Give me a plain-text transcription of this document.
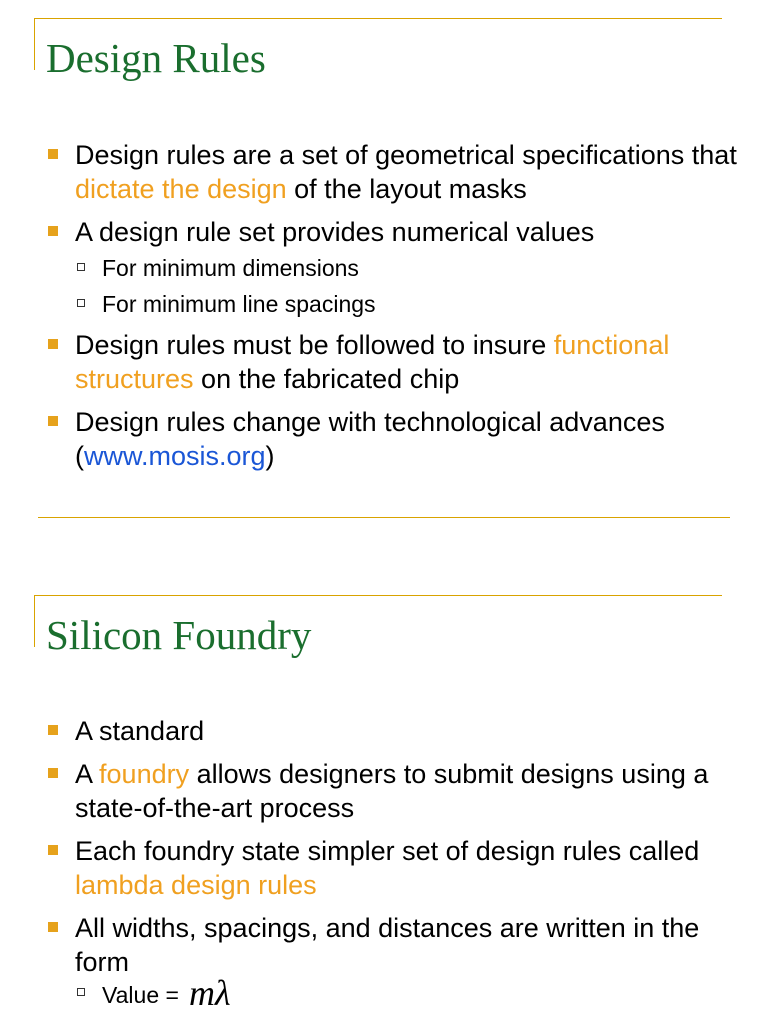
Design Rules
Design rules are a set of geometrical specifications that dictate the design of the layout masks
A design rule set provides numerical values
For minimum dimensions
For minimum line spacings
Design rules must be followed to insure functional structures on the fabricated chip
Design rules change with technological advances (www.mosis.org)
Silicon Foundry
A standard
A foundry allows designers to submit designs using a state-of-the-art process
Each foundry state simpler set of design rules called lambda design rules
All widths, spacings, and distances are written in the form
Value = mλ
